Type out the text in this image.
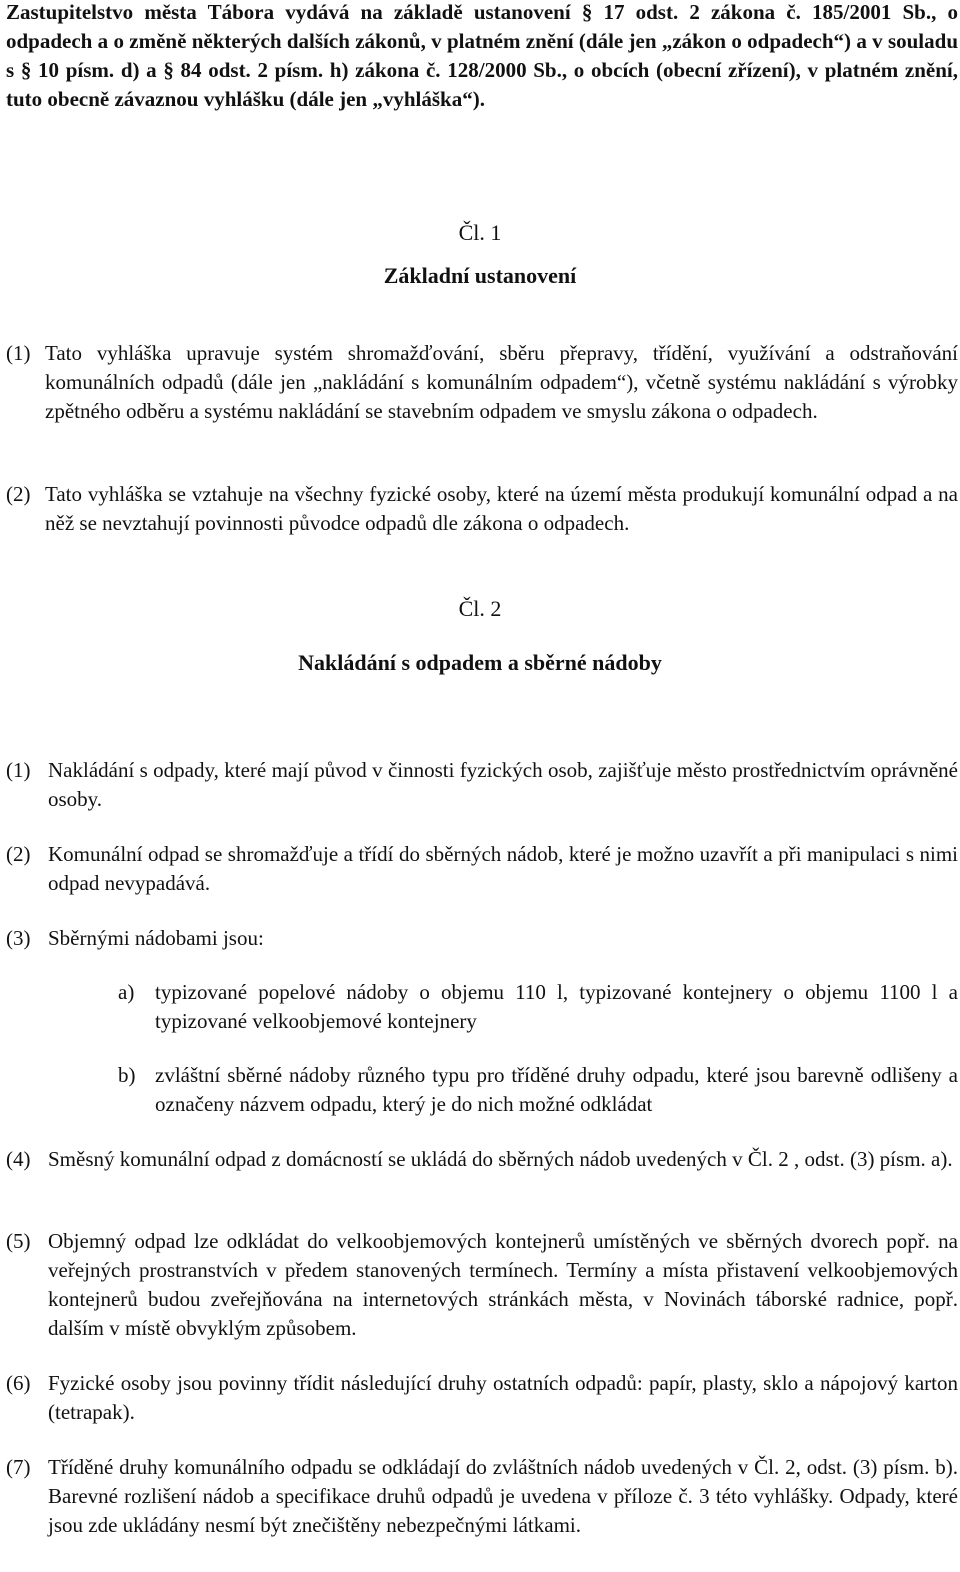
Zastupitelstvo města Tábora vydává na základě ustanovení § 17 odst. 2 zákona č. 185/2001 Sb., o odpadech a o změně některých dalších zákonů, v platném znění (dále jen „zákon o odpadech“) a v souladu s § 10 písm. d) a § 84 odst. 2 písm. h) zákona č. 128/2000 Sb., o obcích (obecní zřízení), v platném znění, tuto obecně závaznou vyhlášku (dále jen „vyhláška“).
Čl. 1
Základní ustanovení
(1) Tato vyhláška upravuje systém shromažďování, sběru přepravy, třídění, využívání a odstraňování komunálních odpadů (dále jen „nakládání s komunálním odpadem“), včetně systému nakládání s výrobky zpětného odběru a systému nakládání se stavebním odpadem ve smyslu zákona o odpadech.
(2) Tato vyhláška se vztahuje na všechny fyzické osoby, které na území města produkují komunální odpad a na něž se nevztahují povinnosti původce odpadů dle zákona o odpadech.
Čl. 2
Nakládání s odpadem a sběrné nádoby
(1) Nakládání s odpady, které mají původ v činnosti fyzických osob, zajišťuje město prostřednictvím oprávněné osoby.
(2) Komunální odpad se shromažďuje a třídí do sběrných nádob, které je možno uzavřít a při manipulaci s nimi odpad nevypadává.
(3) Sběrnými nádobami jsou:
a) typizované popelové nádoby o objemu 110 l, typizované kontejnery o objemu 1100 l a typizované velkoobjemové kontejnery
b) zvláštní sběrné nádoby různého typu pro tříděné druhy odpadu, které jsou barevně odlišeny a označeny názvem odpadu, který je do nich možné odkládat
(4) Směsný komunální odpad z domácností se ukládá do sběrných nádob uvedených v Čl. 2 , odst. (3) písm. a).
(5) Objemný odpad lze odkládat do velkoobjemových kontejnerů umístěných ve sběrných dvorech popř. na veřejných prostranstvích v předem stanovených termínech. Termíny a místa přistavení velkoobjemových kontejnerů budou zveřejňována na internetových stránkách města, v Novinách táborské radnice, popř. dalším v místě obvyklým způsobem.
(6) Fyzické osoby jsou povinny třídit následující druhy ostatních odpadů: papír, plasty, sklo a nápojový karton (tetrapak).
(7) Tříděné druhy komunálního odpadu se odkládají do zvláštních nádob uvedených v Čl. 2, odst. (3) písm. b). Barevné rozlišení nádob a specifikace druhů odpadů je uvedena v příloze č. 3 této vyhlášky. Odpady, které jsou zde ukládány nesmí být znečištěny nebezpečnými látkami.
